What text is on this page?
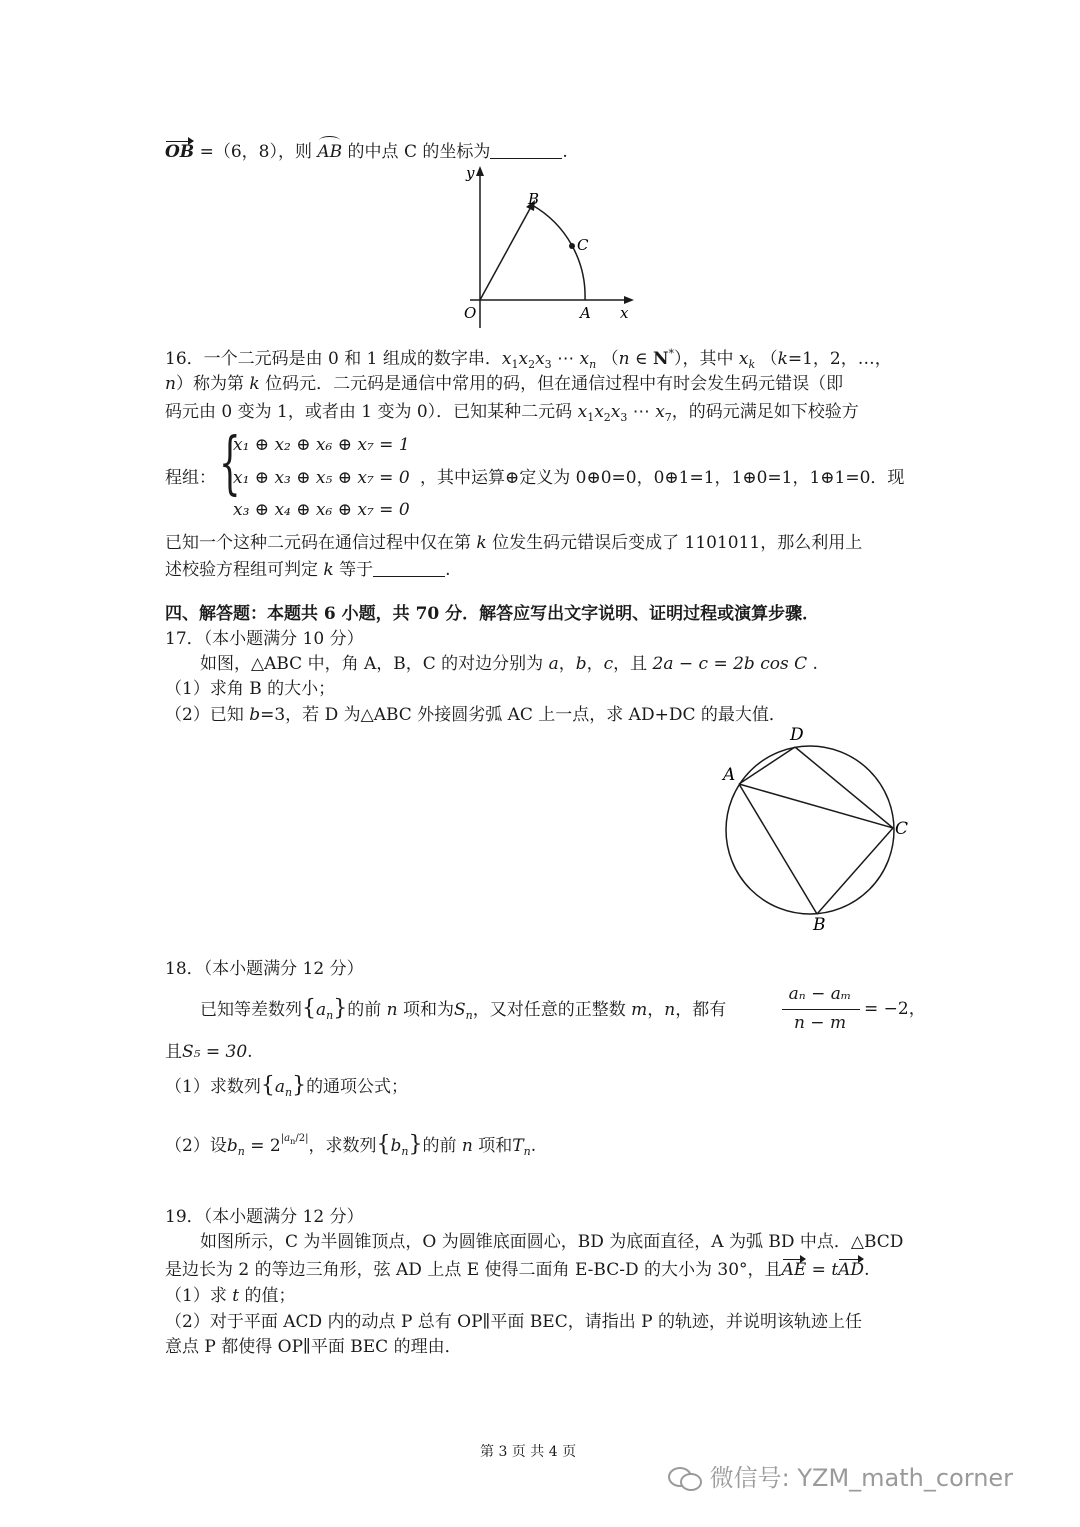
OB =（6，8），则 AB 的中点 C 的坐标为	.
y
B
C
O	A x
16．一个二元码是由 0 和 1 组成的数字串．$x_1x_2x_3$ ⋯ $x_n$ （n ∈ N*），其中 $x_k$ （k=1，2，…，
n）称为第 k 位码元．二元码是通信中常用的码，但在通信过程中有时会发生码元错误（即
码元由 0 变为 1，或者由 1 变为 0）．已知某种二元码 $x_1x_2x_3$ ⋯ $x_7$，的码元满足如下校验方
程组： {
x₁ ⊕ x₂ ⊕ x₆ ⊕ x₇ = 1
x₁ ⊕ x₃ ⊕ x₅ ⊕ x₇ = 0 ，其中运算⊕定义为 0⊕0=0，0⊕1=1，1⊕0=1，1⊕1=0．现
x₃ ⊕ x₄ ⊕ x₆ ⊕ x₇ = 0
已知一个这种二元码在通信过程中仅在第 k 位发生码元错误后变成了 1101011，那么利用上
述校验方程组可判定 k 等于	.
四、解答题：本题共 6 小题，共 70 分．解答应写出文字说明、证明过程或演算步骤．
17．（本小题满分 10 分）
如图，△ABC 中，角 A，B，C 的对边分别为 a，b，c，且 2a − c = 2b cos C .
（1）求角 B 的大小；
（2）已知 b=3，若 D 为△ABC 外接圆劣弧 AC 上一点，求 AD+DC 的最大值．
D
A
C
B
18．（本小题满分 12 分）
已知等差数列$\{a_n\}$的前 n 项和为$S_n$，又对任意的正整数 m，n，都有
aₙ − aₘ
n − m
= −2，
且S₅ = 30.
（1）求数列$\{a_n\}$的通项公式；
（2）设$b_n = 2^{|a_n/2|}$，求数列$\{b_n\}$的前 n 项和$T_n$.
19．（本小题满分 12 分）
如图所示，C 为半圆锥顶点，O 为圆锥底面圆心，BD 为底面直径，A 为弧 BD 中点．△BCD
是边长为 2 的等边三角形，弦 AD 上点 E 使得二面角 E-BC-D 的大小为 30°，且AE = tAD.
（1）求 t 的值；
（2）对于平面 ACD 内的动点 P 总有 OP∥平面 BEC，请指出 P 的轨迹，并说明该轨迹上任
意点 P 都使得 OP∥平面 BEC 的理由．
第 3 页 共 4 页
微信号: YZM_math_corner
